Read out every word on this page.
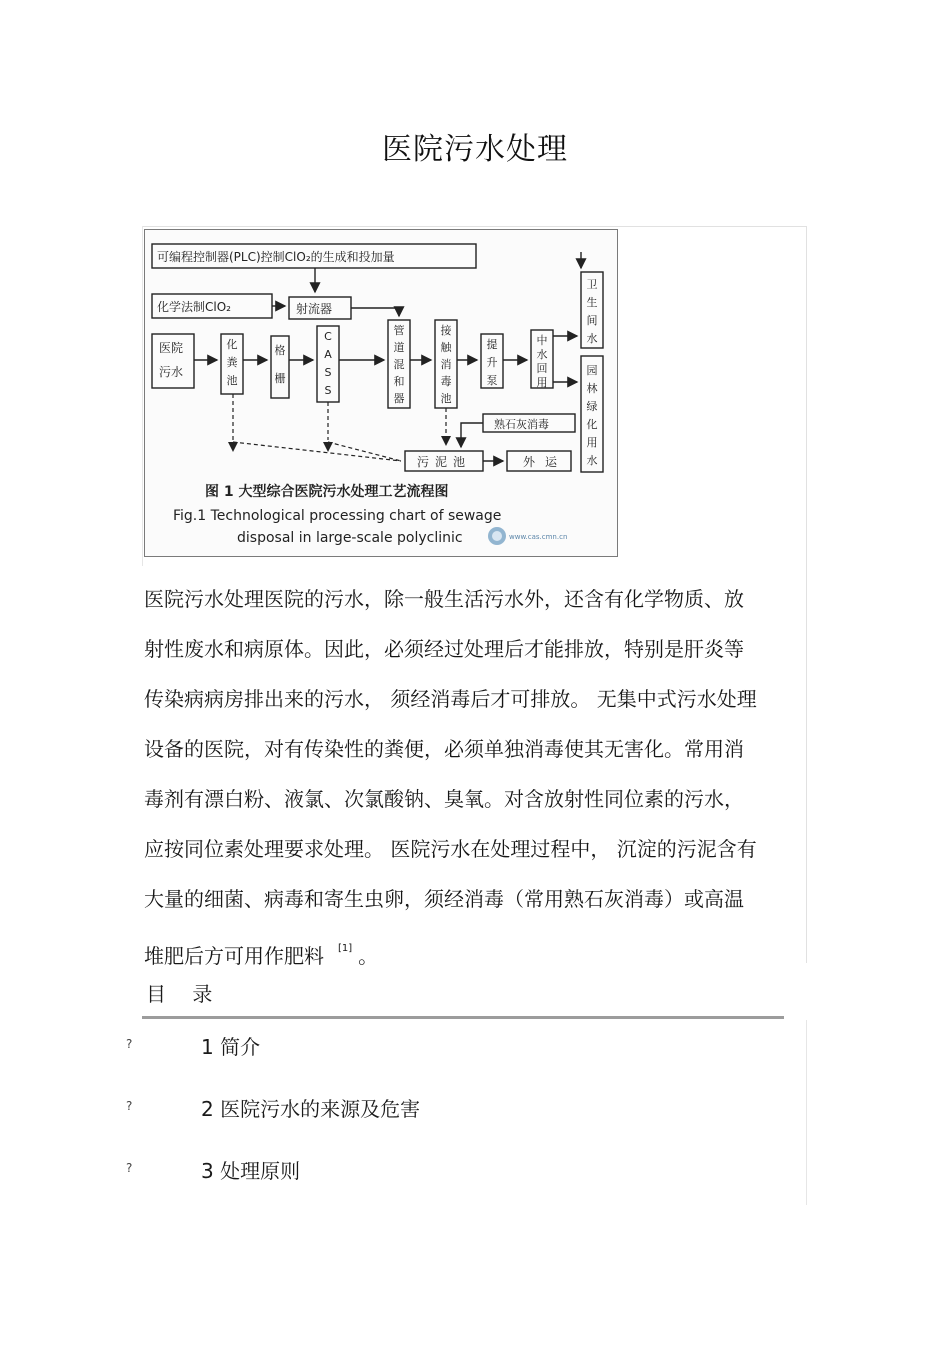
医院污水处理
可编程控制器(PLC)控制ClO₂的生成和投加量
化学法制ClO₂	射流器
熟石灰消毒
污泥池	外运
医院
污水
化
粪
池
格
栅
C
A
S
S
管
道
混
和
器
接
触
消
毒
池
提
升
泵
中
水
回
用
卫
生
间
水
园
林
绿
化
用
水
图 1 大型综合医院污水处理工艺流程图
Fig.1 Technological processing chart of sewage
disposal in large-scale polyclinic	www.cas.cmn.cn
医院污水处理医院的污水，除一般生活污水外，还含有化学物质、放
射性废水和病原体。因此，必须经过处理后才能排放，特别是肝炎等
传染病病房排出来的污水， 须经消毒后才可排放。 无集中式污水处理
设备的医院，对有传染性的粪便，必须单独消毒使其无害化。常用消
毒剂有漂白粉、液氯、次氯酸钠、臭氧。对含放射性同位素的污水，
应按同位素处理要求处理。 医院污水在处理过程中， 沉淀的污泥含有
大量的细菌、病毒和寄生虫卵，须经消毒（常用熟石灰消毒）或高温
堆肥后方可用作肥料 [1] 。
目 录
?	1 简介
?	2 医院污水的来源及危害
?	3 处理原则
